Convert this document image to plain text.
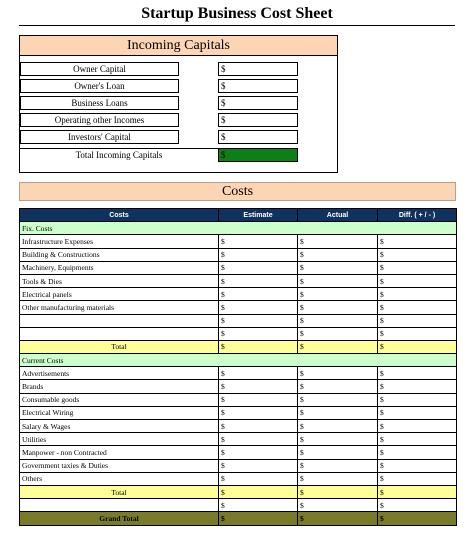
Startup Business Cost Sheet
Incoming Capitals
Owner Capital	$
Owner's Loan	$
Business Loans	$
Operating other Incomes	$
Investors' Capital	$
Total Incoming Capitals	$
Costs
Costs	Estimate	Actual	Diff. ( + / - )
Fix. Costs			
Infrastructure Expenses	$	$	$
Building & Constructions	$	$	$
Machinery, Equipments	$	$	$
Tools & Dies	$	$	$
Electrical panels	$	$	$
Other manufacturing materials	$	$	$
	$	$	$
	$	$	$
Total	$	$	$
Current Costs			
Advertisements	$	$	$
Brands	$	$	$
Consumable goods	$	$	$
Electrical Wiring	$	$	$
Salary & Wages	$	$	$
Utilities	$	$	$
Manpower - non Contracted	$	$	$
Government taxies & Duties	$	$	$
Others	$	$	$
Total	$	$	$
	$	$	$
Grand Total	$	$	$
